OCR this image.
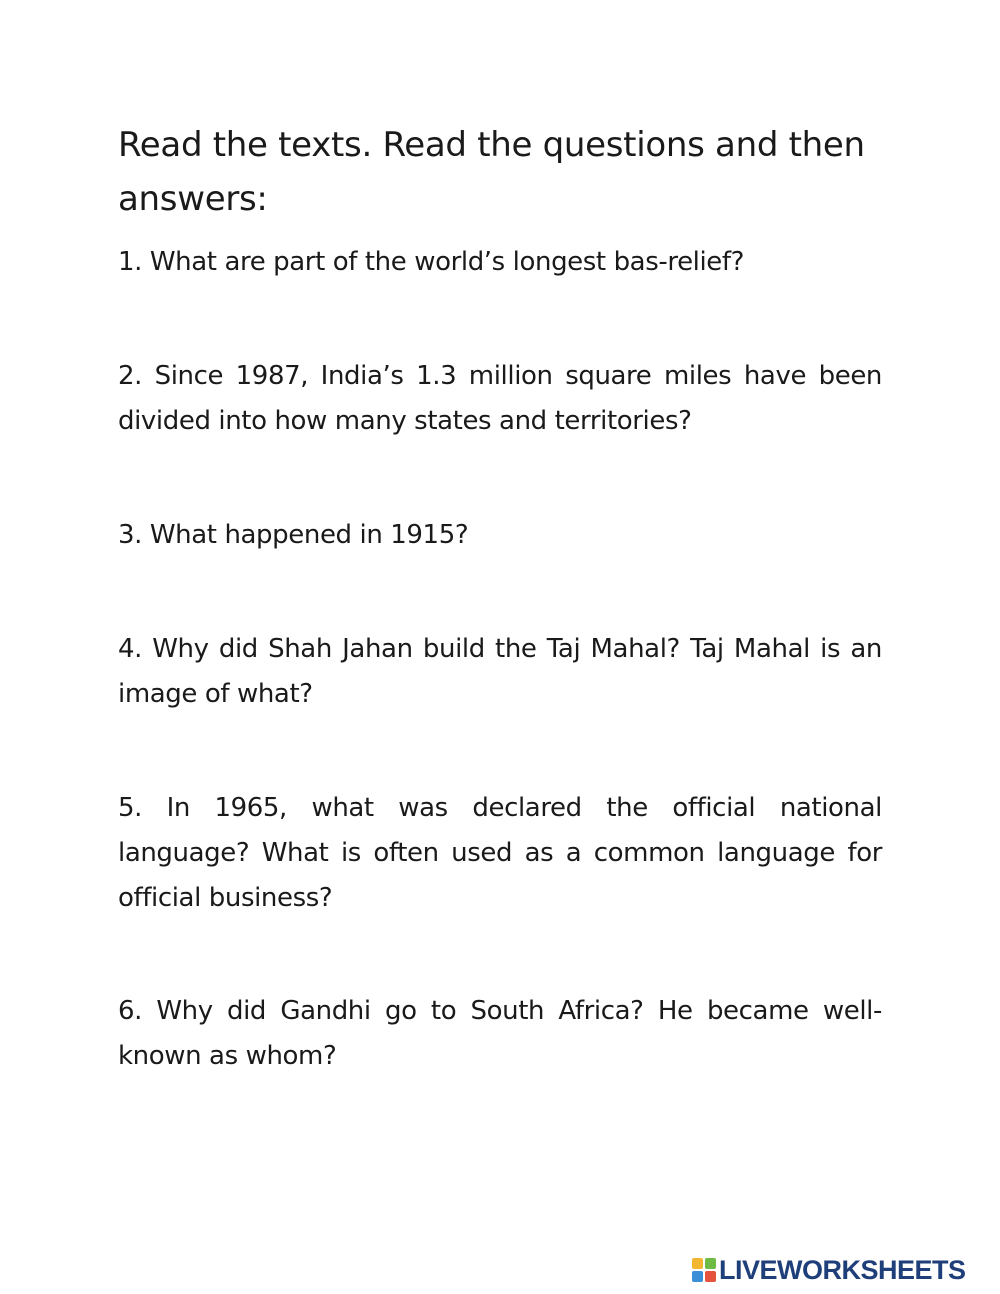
Read the texts. Read the questions and then answers:

1. What are part of the world’s longest bas-relief?

2. Since 1987, India’s 1.3 million square miles have been divided into how many states and territories?

3. What happened in 1915?

4. Why did Shah Jahan build the Taj Mahal? Taj Mahal is an image of what?

5. In 1965, what was declared the official national language? What is often used as a common language for official business?

6. Why did Gandhi go to South Africa? He became well-known as whom?

LIVEWORKSHEETS
